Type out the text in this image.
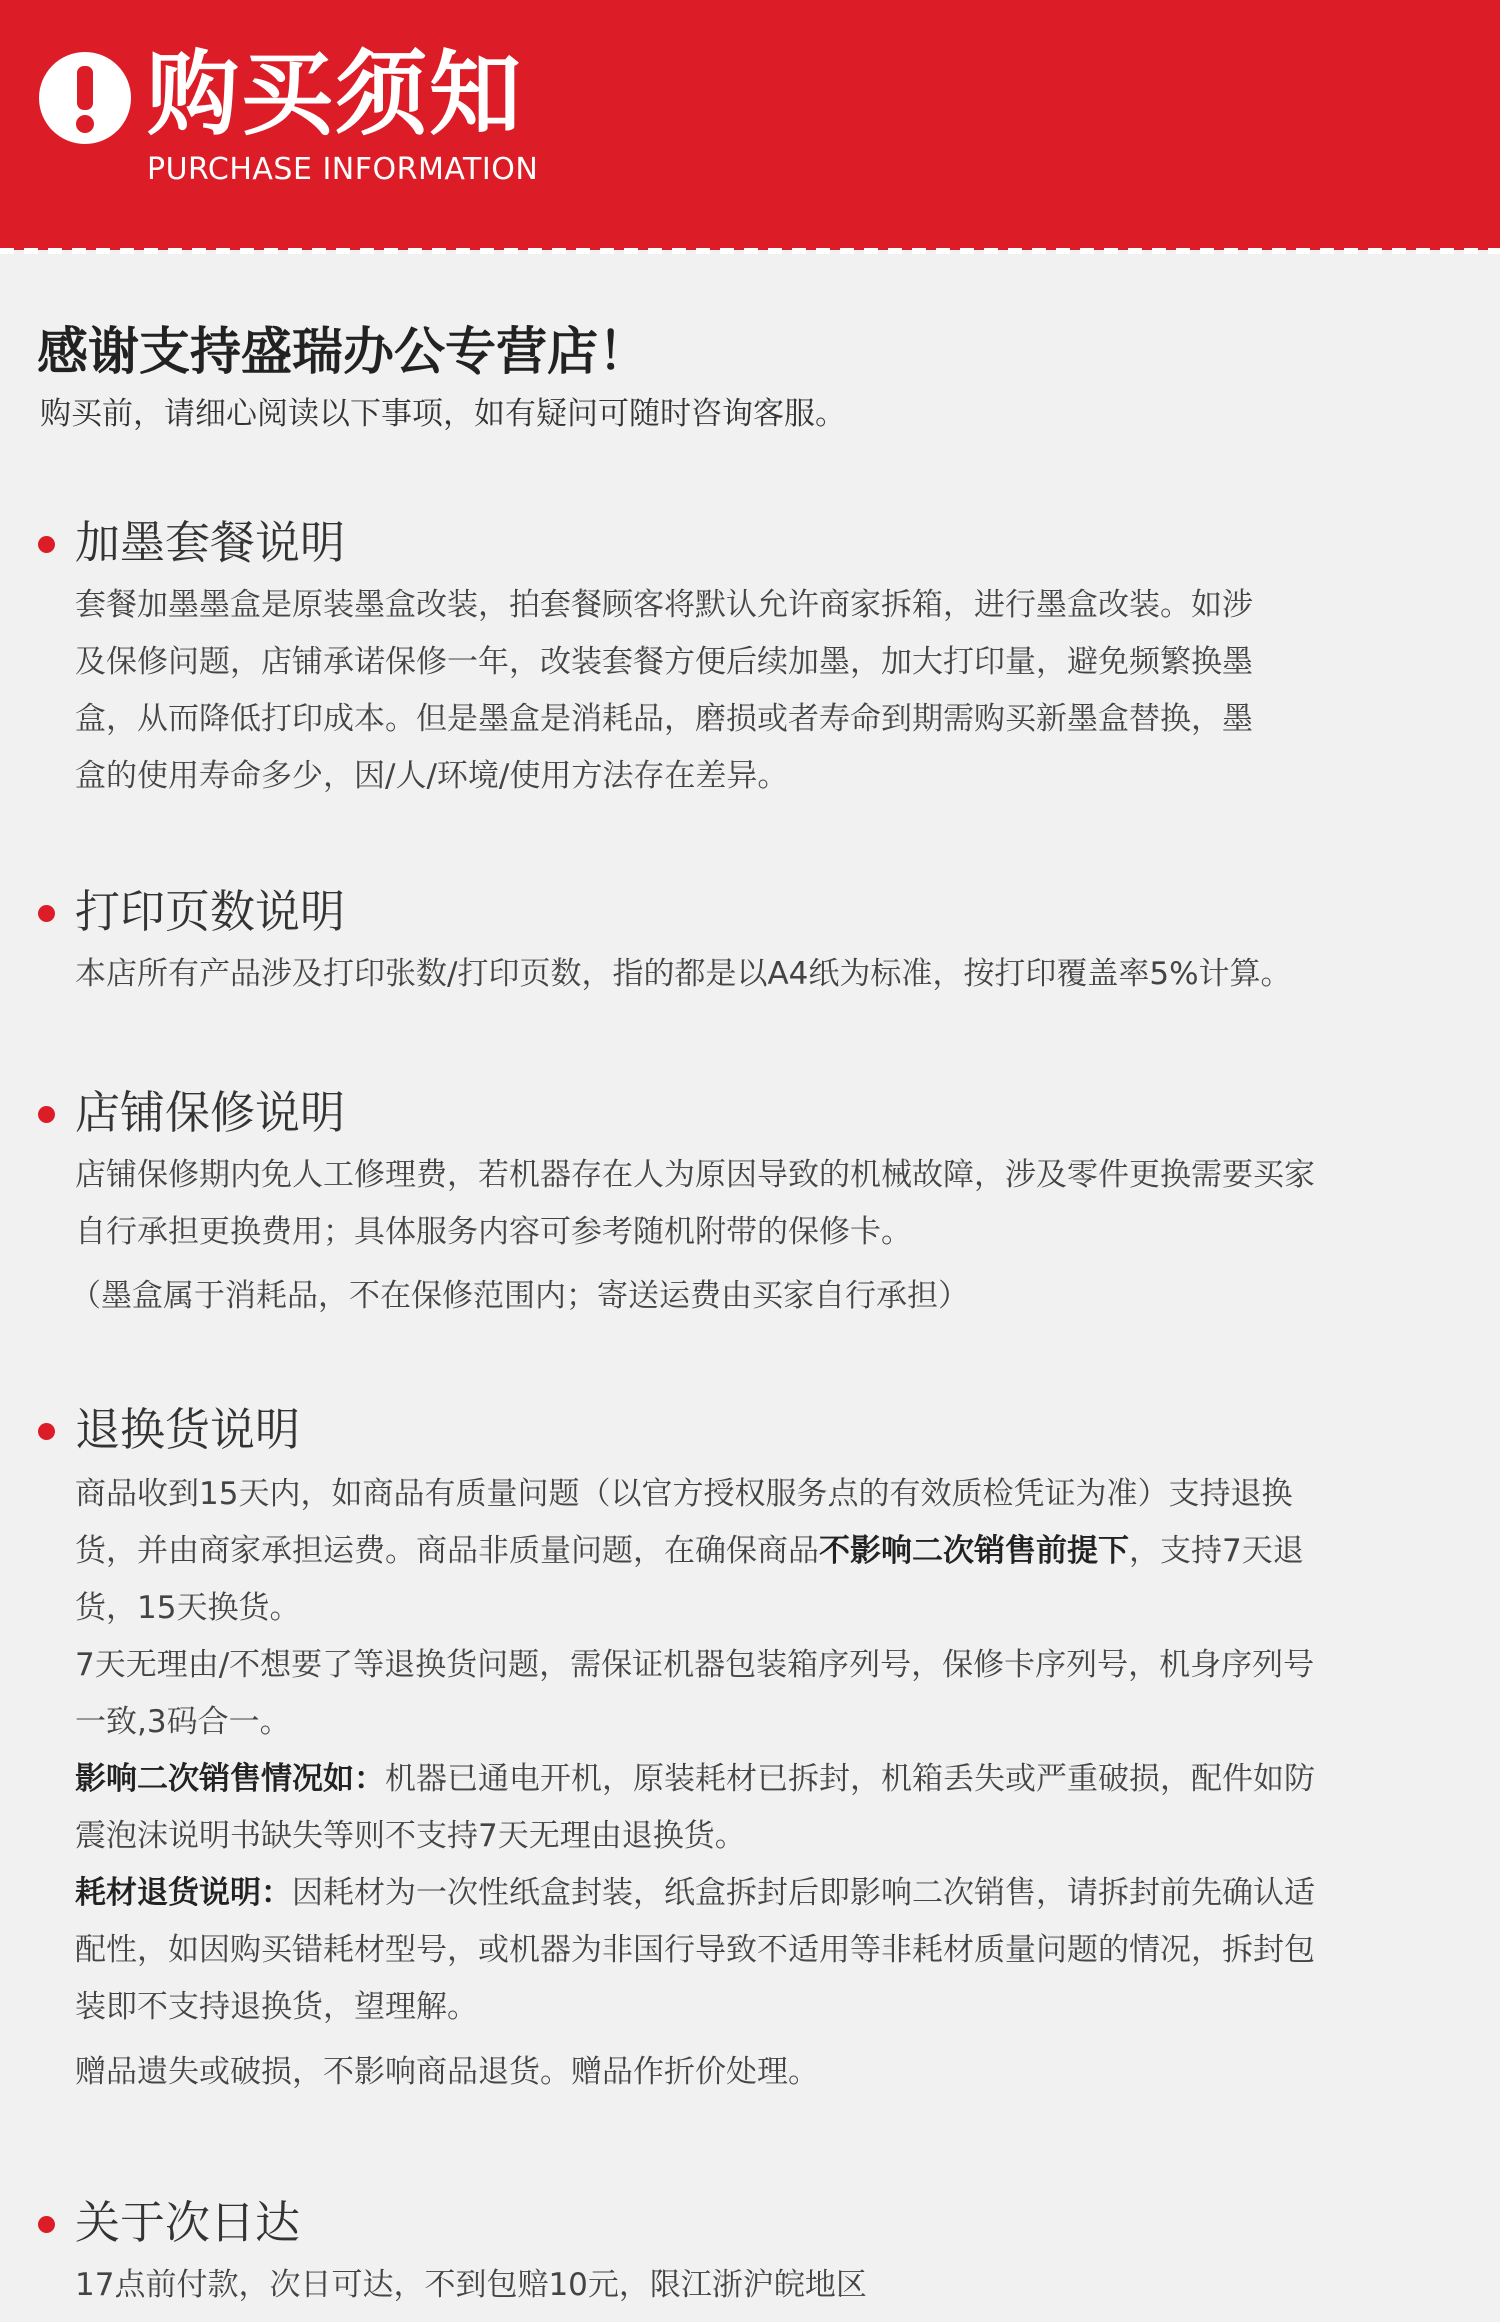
购买须知
PURCHASE INFORMATION
感谢支持盛瑞办公专营店！
购买前，请细心阅读以下事项，如有疑问可随时咨询客服。
加墨套餐说明
套餐加墨墨盒是原装墨盒改装，拍套餐顾客将默认允许商家拆箱，进行墨盒改装。如涉
及保修问题，店铺承诺保修一年，改装套餐方便后续加墨，加大打印量，避免频繁换墨
盒，从而降低打印成本。但是墨盒是消耗品，磨损或者寿命到期需购买新墨盒替换，墨
盒的使用寿命多少，因/人/环境/使用方法存在差异。
打印页数说明
本店所有产品涉及打印张数/打印页数，指的都是以A4纸为标准，按打印覆盖率5%计算。
店铺保修说明
店铺保修期内免人工修理费，若机器存在人为原因导致的机械故障，涉及零件更换需要买家
自行承担更换费用；具体服务内容可参考随机附带的保修卡。
（墨盒属于消耗品，不在保修范围内；寄送运费由买家自行承担）
退换货说明
商品收到15天内，如商品有质量问题（以官方授权服务点的有效质检凭证为准）支持退换
货，并由商家承担运费。商品非质量问题，在确保商品不影响二次销售前提下，支持7天退
货，15天换货。
7天无理由/不想要了等退换货问题，需保证机器包装箱序列号，保修卡序列号，机身序列号
一致,3码合一。
影响二次销售情况如：机器已通电开机，原装耗材已拆封，机箱丢失或严重破损，配件如防
震泡沫说明书缺失等则不支持7天无理由退换货。
耗材退货说明：因耗材为一次性纸盒封装，纸盒拆封后即影响二次销售，请拆封前先确认适
配性，如因购买错耗材型号，或机器为非国行导致不适用等非耗材质量问题的情况，拆封包
装即不支持退换货，望理解。
赠品遗失或破损，不影响商品退货。赠品作折价处理。
关于次日达
17点前付款，次日可达，不到包赔10元，限江浙沪皖地区
